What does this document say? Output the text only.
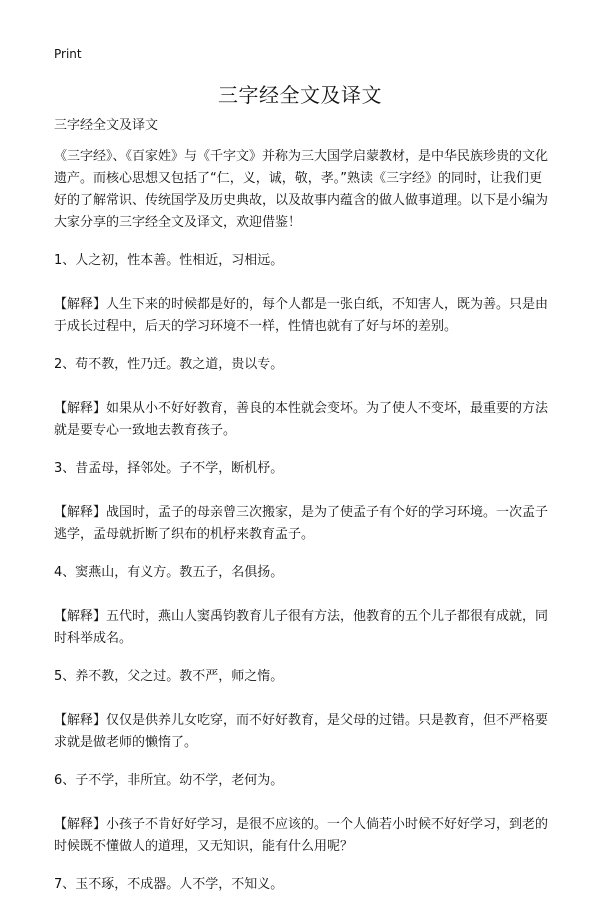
Print
三字经全文及译文
三字经全文及译文

《三字经》、《百家姓》与《千字文》并称为三大国学启蒙教材，是中华民族珍贵的文化遗产。而核心思想又包括了“仁，义，诚，敬，孝。”熟读《三字经》的同时，让我们更好的了解常识、传统国学及历史典故，以及故事内蕴含的做人做事道理。以下是小编为大家分享的三字经全文及译文，欢迎借鉴！

1、人之初，性本善。性相近，习相远。

【解释】人生下来的时候都是好的，每个人都是一张白纸，不知害人，既为善。只是由于成长过程中，后天的学习环境不一样，性情也就有了好与坏的差别。

2、苟不教，性乃迁。教之道，贵以专。

【解释】如果从小不好好教育，善良的本性就会变坏。为了使人不变坏，最重要的方法就是要专心一致地去教育孩子。

3、昔孟母，择邻处。子不学，断机杼。

【解释】战国时，孟子的母亲曾三次搬家，是为了使孟子有个好的学习环境。一次孟子逃学，孟母就折断了织布的机杼来教育孟子。

4、窦燕山，有义方。教五子，名俱扬。

【解释】五代时，燕山人窦禹钧教育儿子很有方法，他教育的五个儿子都很有成就，同时科举成名。

5、养不教，父之过。教不严，师之惰。

【解释】仅仅是供养儿女吃穿，而不好好教育，是父母的过错。只是教育，但不严格要求就是做老师的懒惰了。

6、子不学，非所宜。幼不学，老何为。

【解释】小孩子不肯好好学习，是很不应该的。一个人倘若小时候不好好学习，到老的时候既不懂做人的道理，又无知识，能有什么用呢？

7、玉不琢，不成器。人不学，不知义。
